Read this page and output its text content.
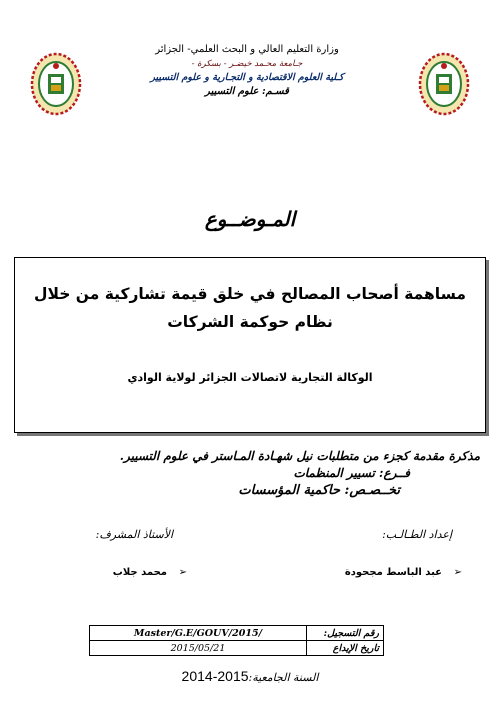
وزارة التعليم العالي و البحث العلمي- الجزائر
جـامعة محـمد خيضـر - بسكرة -
كـلية العلوم الاقتصادية و التجـارية و علوم التسيير
قسـم: علوم التسيير
المـوضــوع
مساهمة أصحاب المصالح في خلق قيمة تشاركية من خلال نظام حوكمة الشركات
الوكالة التجارية لاتصالات الجزائر لولاية الوادي
مذكرة مقدمة كجزء من متطلبات نيل شهـادة المـاستر في علوم التسيير.
فــرع: تسيير المنظمات
تخــصـص: حاكمية المؤسسات
إعداد الطـالـب:
الأستاذ المشرف:
➢
عبد الباسط مجحودة
➢
محمد جلاب
Master/G.E/GOUV/2015/	رقم التسجيل:
2015/05/21	تاريخ الإيداع
السنة الجامعية:2015-2014
